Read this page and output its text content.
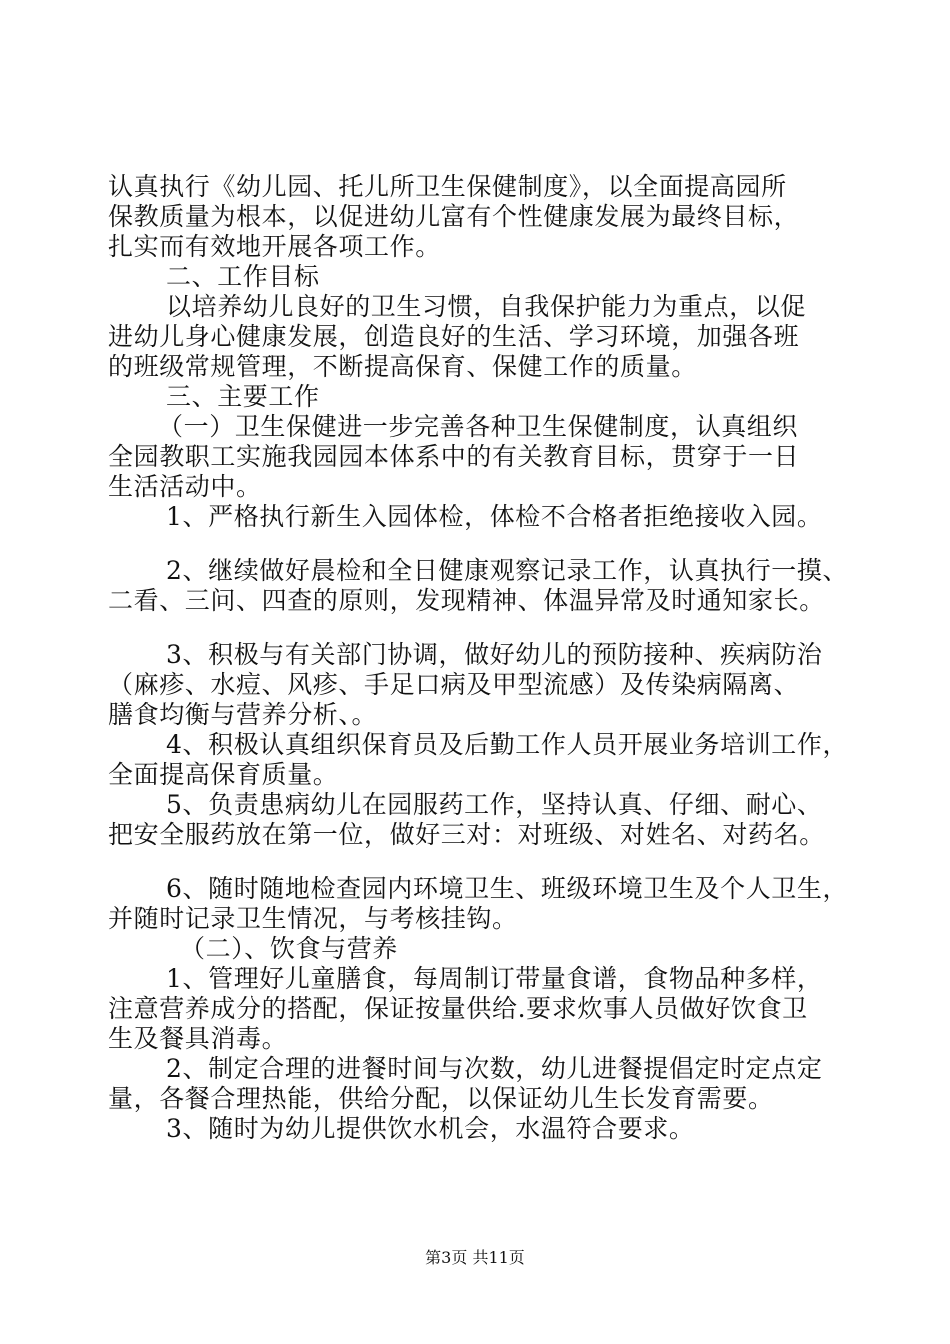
认真执行《幼儿园、托儿所卫生保健制度》，以全面提高园所
保教质量为根本，以促进幼儿富有个性健康发展为最终目标，
扎实而有效地开展各项工作。
二、工作目标
以培养幼儿良好的卫生习惯，自我保护能力为重点，以促
进幼儿身心健康发展，创造良好的生活、学习环境，加强各班
的班级常规管理，不断提高保育、保健工作的质量。
三、主要工作
（一）卫生保健进一步完善各种卫生保健制度，认真组织
全园教职工实施我园园本体系中的有关教育目标，贯穿于一日
生活活动中。
1、严格执行新生入园体检，体检不合格者拒绝接收入园。
2、继续做好晨检和全日健康观察记录工作，认真执行一摸、
二看、三问、四查的原则，发现精神、体温异常及时通知家长。
3、积极与有关部门协调，做好幼儿的预防接种、疾病防治
（麻疹、水痘、风疹、手足口病及甲型流感）及传染病隔离、
膳食均衡与营养分析、。
4、积极认真组织保育员及后勤工作人员开展业务培训工作，
全面提高保育质量。
5、负责患病幼儿在园服药工作，坚持认真、仔细、耐心、
把安全服药放在第一位，做好三对：对班级、对姓名、对药名。
6、随时随地检查园内环境卫生、班级环境卫生及个人卫生，
并随时记录卫生情况，与考核挂钩。
（二）、饮食与营养
1、管理好儿童膳食，每周制订带量食谱，食物品种多样，
注意营养成分的搭配，保证按量供给.要求炊事人员做好饮食卫
生及餐具消毒。
2、制定合理的进餐时间与次数，幼儿进餐提倡定时定点定
量，各餐合理热能，供给分配，以保证幼儿生长发育需要。
3、随时为幼儿提供饮水机会，水温符合要求。
第3页 共11页
